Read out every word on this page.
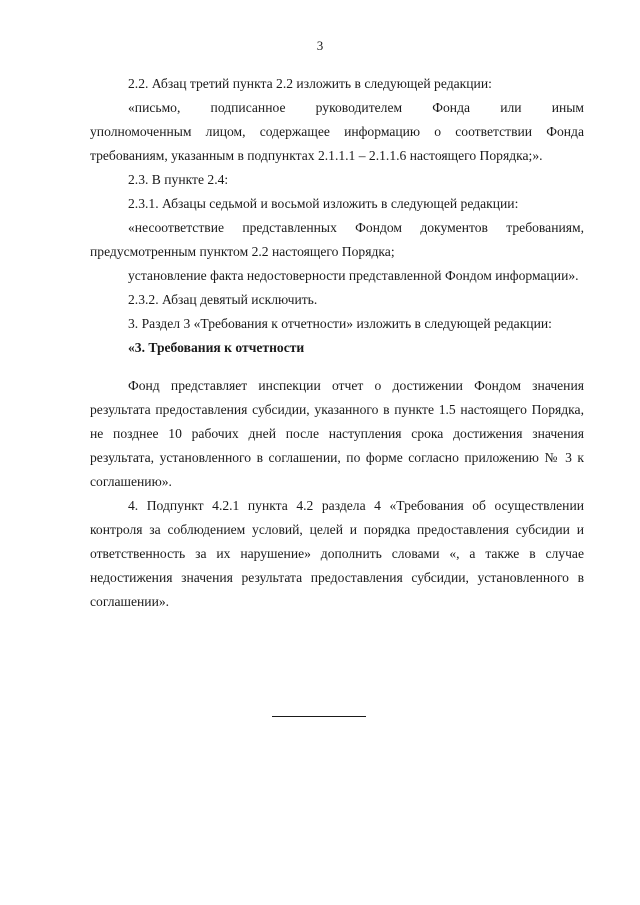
3

2.2. Абзац третий пункта 2.2 изложить в следующей редакции:

«письмо, подписанное руководителем Фонда или иным

уполномоченным лицом, содержащее информацию о соответствии Фонда требованиям, указанным в подпунктах 2.1.1.1 – 2.1.1.6 настоящего Порядка;».

2.3. В пункте 2.4:

2.3.1. Абзацы седьмой и восьмой изложить в следующей редакции:

«несоответствие представленных Фондом документов требованиям, предусмотренным пунктом 2.2 настоящего Порядка;

установление факта недостоверности представленной Фондом информации».

2.3.2. Абзац девятый исключить.

3. Раздел 3 «Требования к отчетности» изложить в следующей редакции:

«3. Требования к отчетности

Фонд представляет инспекции отчет о достижении Фондом значения результата предоставления субсидии, указанного в пункте 1.5 настоящего Порядка, не позднее 10 рабочих дней после наступления срока достижения значения результата, установленного в соглашении, по форме согласно приложению № 3 к соглашению».

4. Подпункт 4.2.1 пункта 4.2 раздела 4 «Требования об осуществлении контроля за соблюдением условий, целей и порядка предоставления субсидии и ответственность за их нарушение» дополнить словами «, а также в случае недостижения значения результата предоставления субсидии, установленного в соглашении».
